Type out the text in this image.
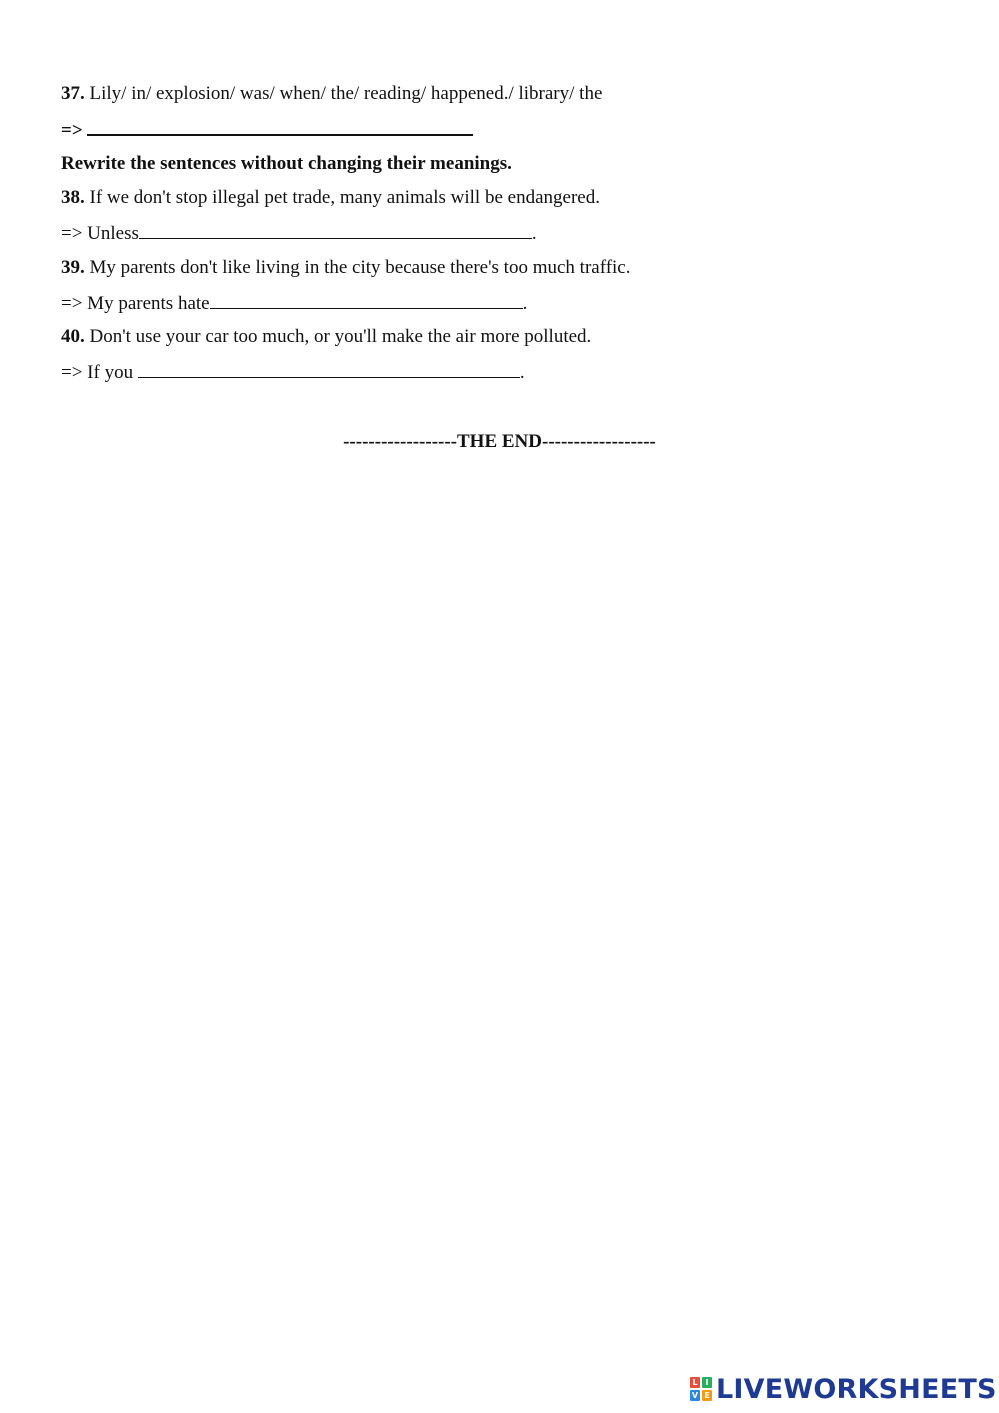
37. Lily/ in/ explosion/ was/ when/ the/ reading/ happened./ library/ the
=>
Rewrite the sentences without changing their meanings.
38. If we don't stop illegal pet trade, many animals will be endangered.
=> Unless	.
39. My parents don't like living in the city because there's too much traffic.
=> My parents hate	.
40. Don't use your car too much, or you'll make the air more polluted.
=> If you	.
------------------THE END------------------
L I
V E LIVEWORKSHEETS
